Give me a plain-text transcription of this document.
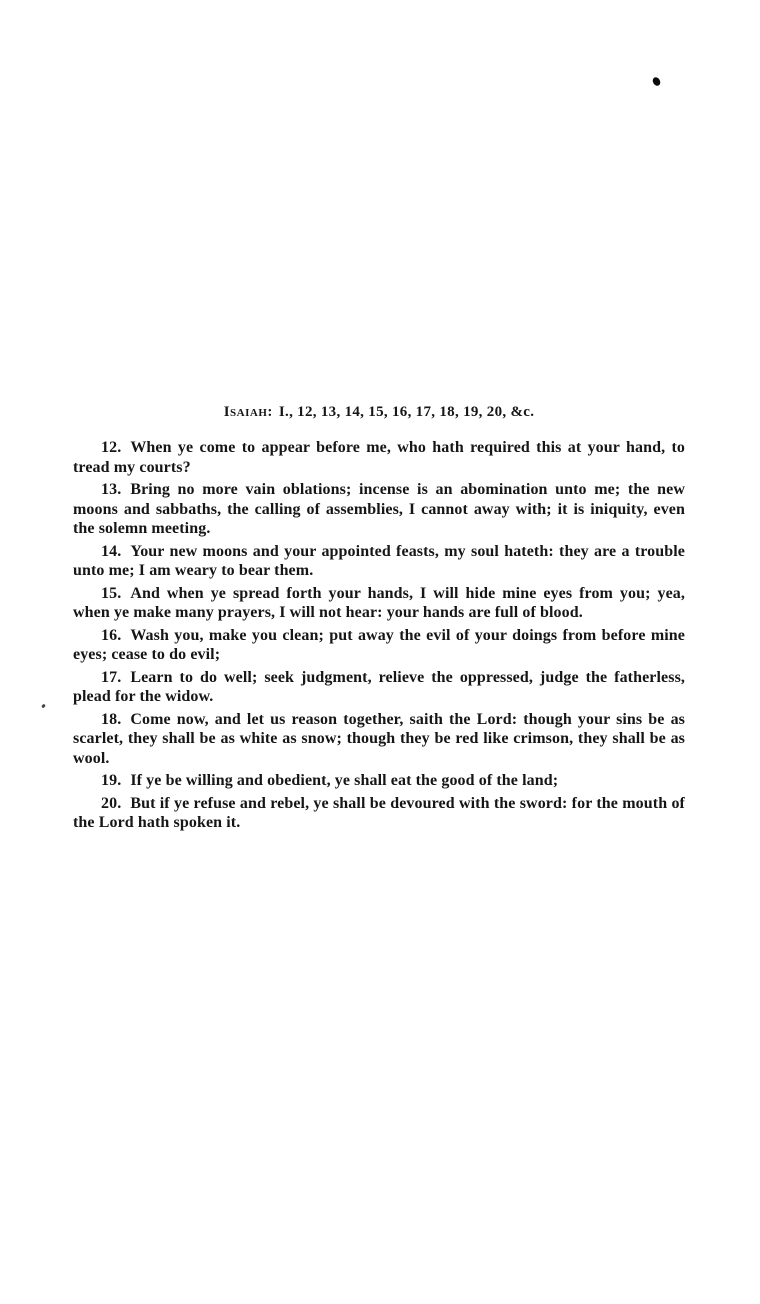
Isaiah: I., 12, 13, 14, 15, 16, 17, 18, 19, 20, &c.

12. When ye come to appear before me, who hath required this at your hand, to tread my courts?

13. Bring no more vain oblations; incense is an abomination unto me; the new moons and sabbaths, the calling of assemblies, I cannot away with; it is iniquity, even the solemn meeting.

14. Your new moons and your appointed feasts, my soul hateth: they are a trouble unto me; I am weary to bear them.

15. And when ye spread forth your hands, I will hide mine eyes from you; yea, when ye make many prayers, I will not hear: your hands are full of blood.

16. Wash you, make you clean; put away the evil of your doings from before mine eyes; cease to do evil;

17. Learn to do well; seek judgment, relieve the oppressed, judge the fatherless, plead for the widow.

18. Come now, and let us reason together, saith the Lord: though your sins be as scarlet, they shall be as white as snow; though they be red like crimson, they shall be as wool.

19. If ye be willing and obedient, ye shall eat the good of the land;

20. But if ye refuse and rebel, ye shall be devoured with the sword: for the mouth of the Lord hath spoken it.
